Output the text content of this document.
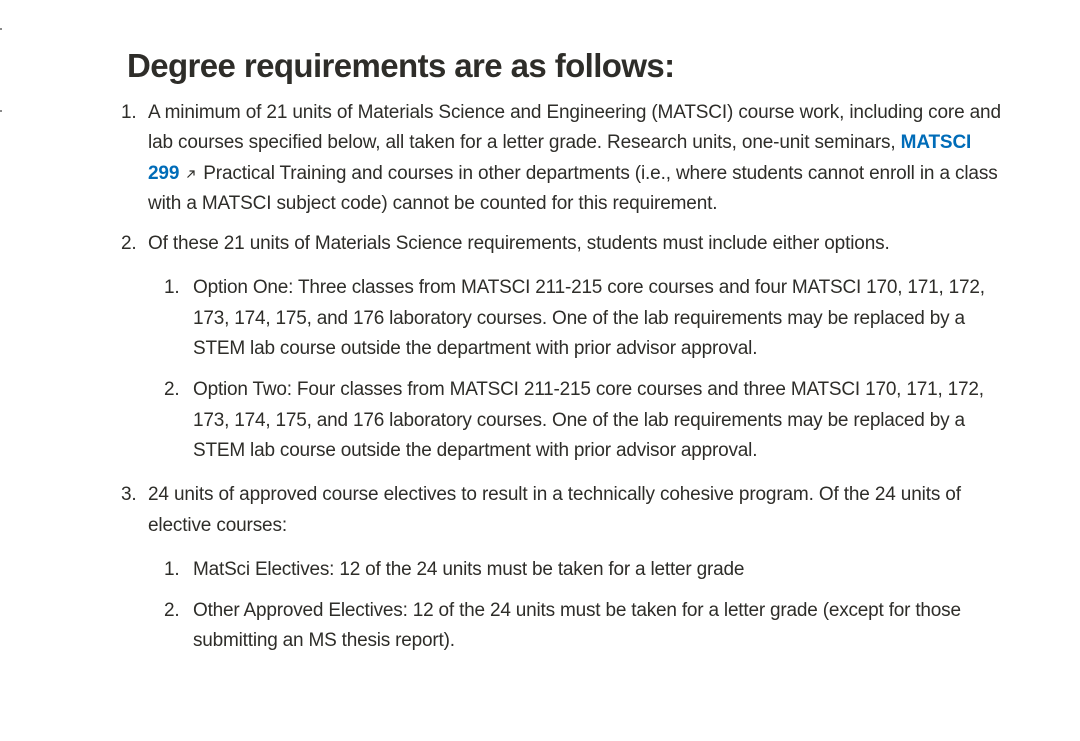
Degree requirements are as follows:
1. A minimum of 21 units of Materials Science and Engineering (MATSCI) course work, including core and lab courses specified below, all taken for a letter grade. Research units, one-unit seminars, MATSCI 299 Practical Training and courses in other departments (i.e., where students cannot enroll in a class with a MATSCI subject code) cannot be counted for this requirement.
2. Of these 21 units of Materials Science requirements, students must include either options.
1. Option One: Three classes from MATSCI 211-215 core courses and four MATSCI 170, 171, 172, 173, 174, 175, and 176 laboratory courses. One of the lab requirements may be replaced by a STEM lab course outside the department with prior advisor approval.
2. Option Two: Four classes from MATSCI 211-215 core courses and three MATSCI 170, 171, 172, 173, 174, 175, and 176 laboratory courses. One of the lab requirements may be replaced by a STEM lab course outside the department with prior advisor approval.
3. 24 units of approved course electives to result in a technically cohesive program. Of the 24 units of elective courses:
1. MatSci Electives: 12 of the 24 units must be taken for a letter grade
2. Other Approved Electives: 12 of the 24 units must be taken for a letter grade (except for those submitting an MS thesis report).
